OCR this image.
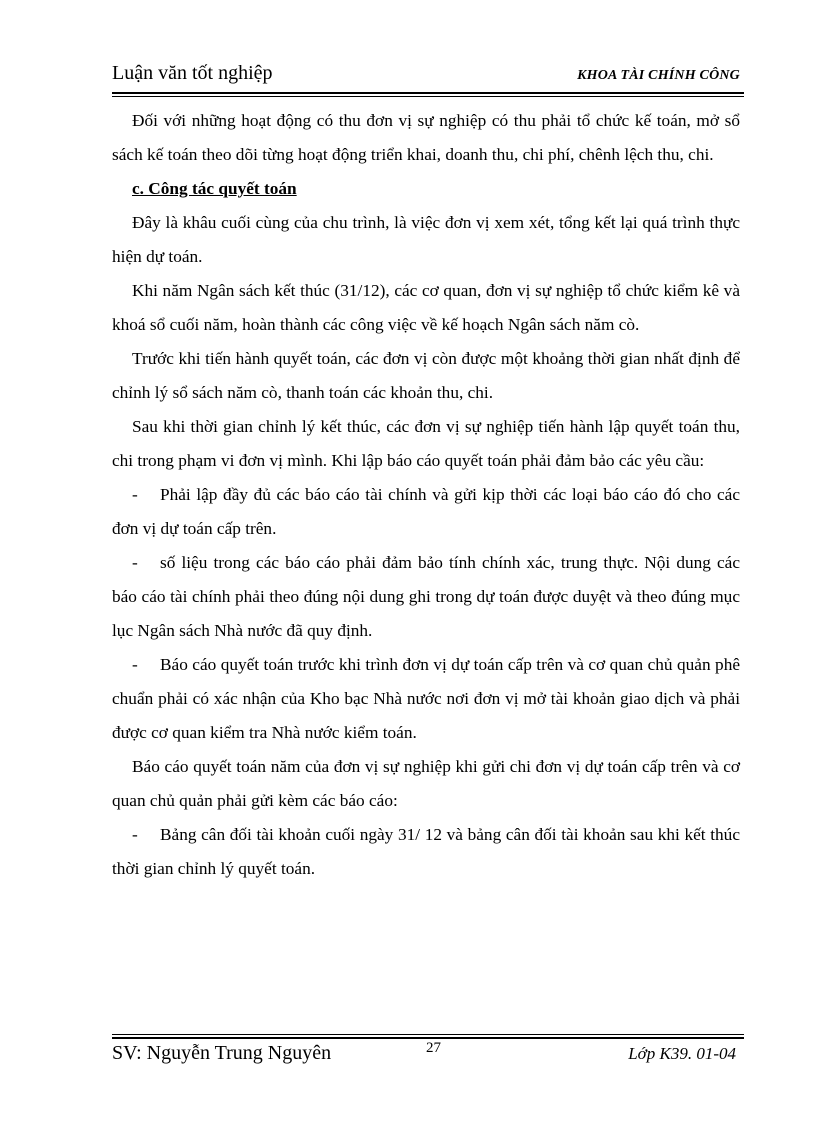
Luận văn tốt nghiệp	KHOA TÀI CHÍNH CÔNG

Đối với những hoạt động có thu đơn vị sự nghiệp có thu phải tổ chức kế toán, mở sổ sách kế toán theo dõi từng hoạt động triển khai, doanh thu, chi phí, chênh lệch thu, chi.

c. Công tác quyết toán

Đây là khâu cuối cùng của chu trình, là việc đơn vị xem xét, tổng kết lại quá trình thực hiện dự toán.

Khi năm Ngân sách kết thúc (31/12), các cơ quan, đơn vị sự nghiệp tổ chức kiểm kê và khoá sổ cuối năm, hoàn thành các công việc về kế hoạch Ngân sách năm cò.

Trước khi tiến hành quyết toán, các đơn vị còn được một khoảng thời gian nhất định để chỉnh lý sổ sách năm cò, thanh toán các khoản thu, chi.

Sau khi thời gian chỉnh lý kết thúc, các đơn vị sự nghiệp tiến hành lập quyết toán thu, chi trong phạm vi đơn vị mình. Khi lập báo cáo quyết toán phải đảm bảo các yêu cầu:

- Phải lập đầy đủ các báo cáo tài chính và gửi kịp thời các loại báo cáo đó cho các đơn vị dự toán cấp trên.

- số liệu trong các báo cáo phải đảm bảo tính chính xác, trung thực. Nội dung các báo cáo tài chính phải theo đúng nội dung ghi trong dự toán được duyệt và theo đúng mục lục Ngân sách Nhà nước đã quy định.

- Báo cáo quyết toán trước khi trình đơn vị dự toán cấp trên và cơ quan chủ quản phê chuẩn phải có xác nhận của Kho bạc Nhà nước nơi đơn vị mở tài khoản giao dịch và phải được cơ quan kiểm tra Nhà nước kiểm toán.

Báo cáo quyết toán năm của đơn vị sự nghiệp khi gửi chi đơn vị dự toán cấp trên và cơ quan chủ quản phải gửi kèm các báo cáo:

- Bảng cân đối tài khoản cuối ngày 31/ 12 và bảng cân đối tài khoản sau khi kết thúc thời gian chỉnh lý quyết toán.

SV: Nguyễn Trung Nguyên	27	Lớp K39. 01-04
